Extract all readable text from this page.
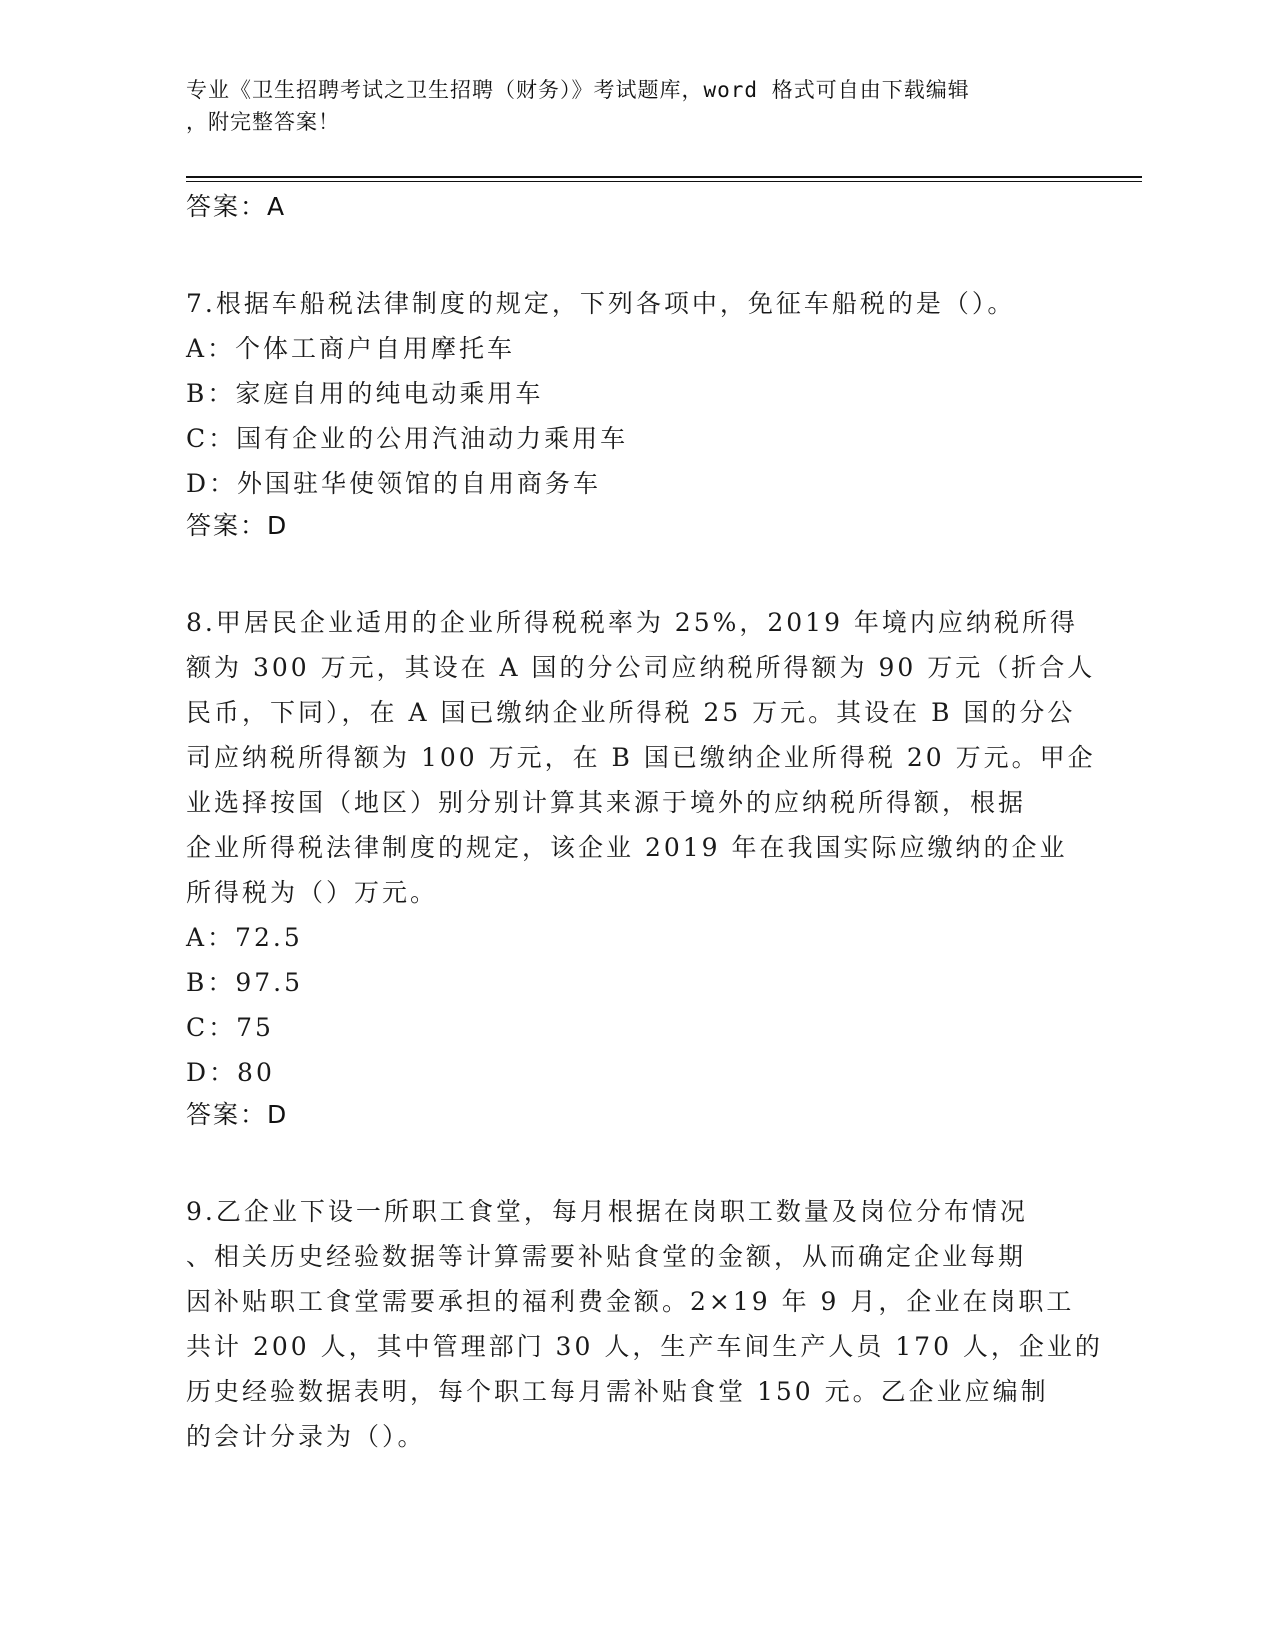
专业《卫生招聘考试之卫生招聘（财务）》考试题库，word 格式可自由下载编辑
，附完整答案！
答案：A
7.根据车船税法律制度的规定，下列各项中，免征车船税的是（）。
A：个体工商户自用摩托车
B：家庭自用的纯电动乘用车
C：国有企业的公用汽油动力乘用车
D：外国驻华使领馆的自用商务车
答案：D
8.甲居民企业适用的企业所得税税率为 25%，2019 年境内应纳税所得
额为 300 万元，其设在 A 国的分公司应纳税所得额为 90 万元（折合人
民币，下同），在 A 国已缴纳企业所得税 25 万元。其设在 B 国的分公
司应纳税所得额为 100 万元，在 B 国已缴纳企业所得税 20 万元。甲企
业选择按国（地区）别分别计算其来源于境外的应纳税所得额，根据
企业所得税法律制度的规定，该企业 2019 年在我国实际应缴纳的企业
所得税为（）万元。
A：72.5
B：97.5
C：75
D：80
答案：D
9.乙企业下设一所职工食堂，每月根据在岗职工数量及岗位分布情况
、相关历史经验数据等计算需要补贴食堂的金额，从而确定企业每期
因补贴职工食堂需要承担的福利费金额。2×19 年 9 月，企业在岗职工
共计 200 人，其中管理部门 30 人，生产车间生产人员 170 人，企业的
历史经验数据表明，每个职工每月需补贴食堂 150 元。乙企业应编制
的会计分录为（）。
